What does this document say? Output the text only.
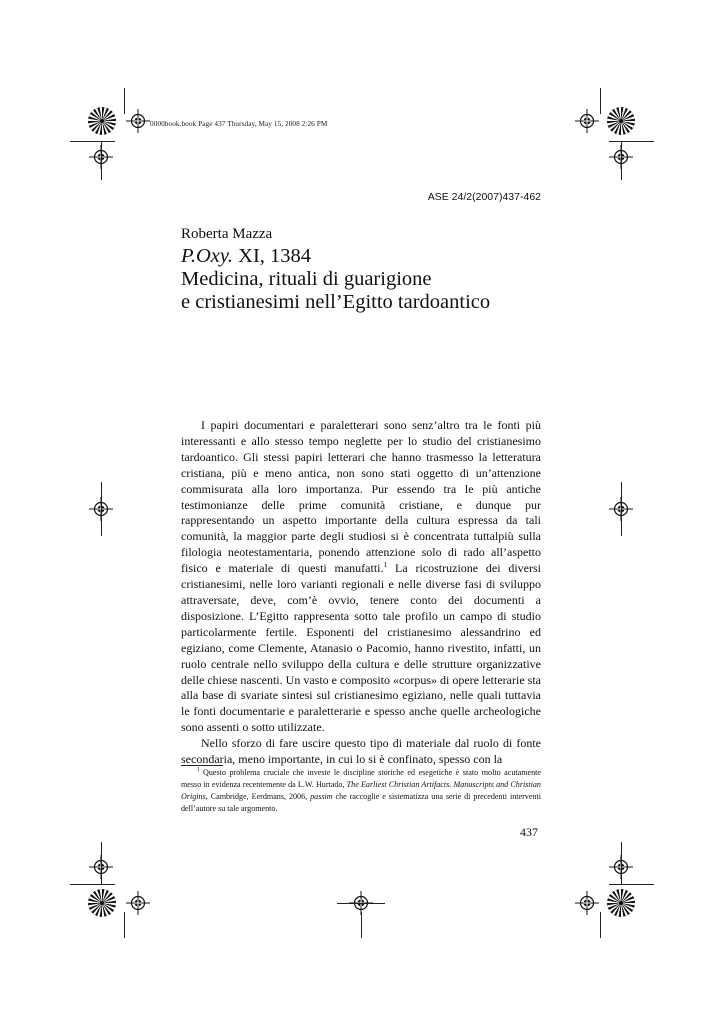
0000book.book Page 437 Thursday, May 15, 2008 2:26 PM
ASE 24/2(2007)437-462
Roberta Mazza
P.Oxy. XI, 1384
Medicina, rituali di guarigione
e cristianesimi nell’Egitto tardoantico

I papiri documentari e paraletterari sono senz’altro tra le fonti più interessanti e allo stesso tempo neglette per lo studio del cristianesimo tardoantico. Gli stessi papiri letterari che hanno trasmesso la letteratura cristiana, più e meno antica, non sono stati oggetto di un’attenzione commisurata alla loro importanza. Pur essendo tra le più antiche testimonianze delle prime comunità cristiane, e dunque pur rappresentando un aspetto importante della cultura espressa da tali comunità, la maggior parte degli studiosi si è concentrata tuttalpiù sulla filologia neotestamentaria, ponendo attenzione solo di rado all’aspetto fisico e materiale di questi manufatti.$^1$ La ricostruzione dei diversi cristianesimi, nelle loro varianti regionali e nelle diverse fasi di sviluppo attraversate, deve, com’è ovvio, tenere conto dei documenti a disposizione. L’Egitto rappresenta sotto tale profilo un campo di studio particolarmente fertile. Esponenti del cristianesimo alessandrino ed egiziano, come Clemente, Atanasio o Pacomio, hanno rivestito, infatti, un ruolo centrale nello sviluppo della cultura e delle strutture organizzative delle chiese nascenti. Un vasto e composito «corpus» di opere letterarie sta alla base di svariate sintesi sul cristianesimo egiziano, nelle quali tuttavia le fonti documentarie e paraletterarie e spesso anche quelle archeologiche sono assenti o sotto utilizzate.

Nello sforzo di fare uscire questo tipo di materiale dal ruolo di fonte secondaria, meno importante, in cui lo si è confinato, spesso con la

$^1$ Questo problema cruciale che investe le discipline storiche ed esegetiche è stato molto acutamente messo in evidenza recentemente da L.W. Hurtado, The Earliest Christian Artifacts. Manuscripts and Christian Origins, Cambridge, Eerdmans, 2006, passim che raccoglie e sistematizza una serie di precedenti interventi dell’autore su tale argomento.

437
